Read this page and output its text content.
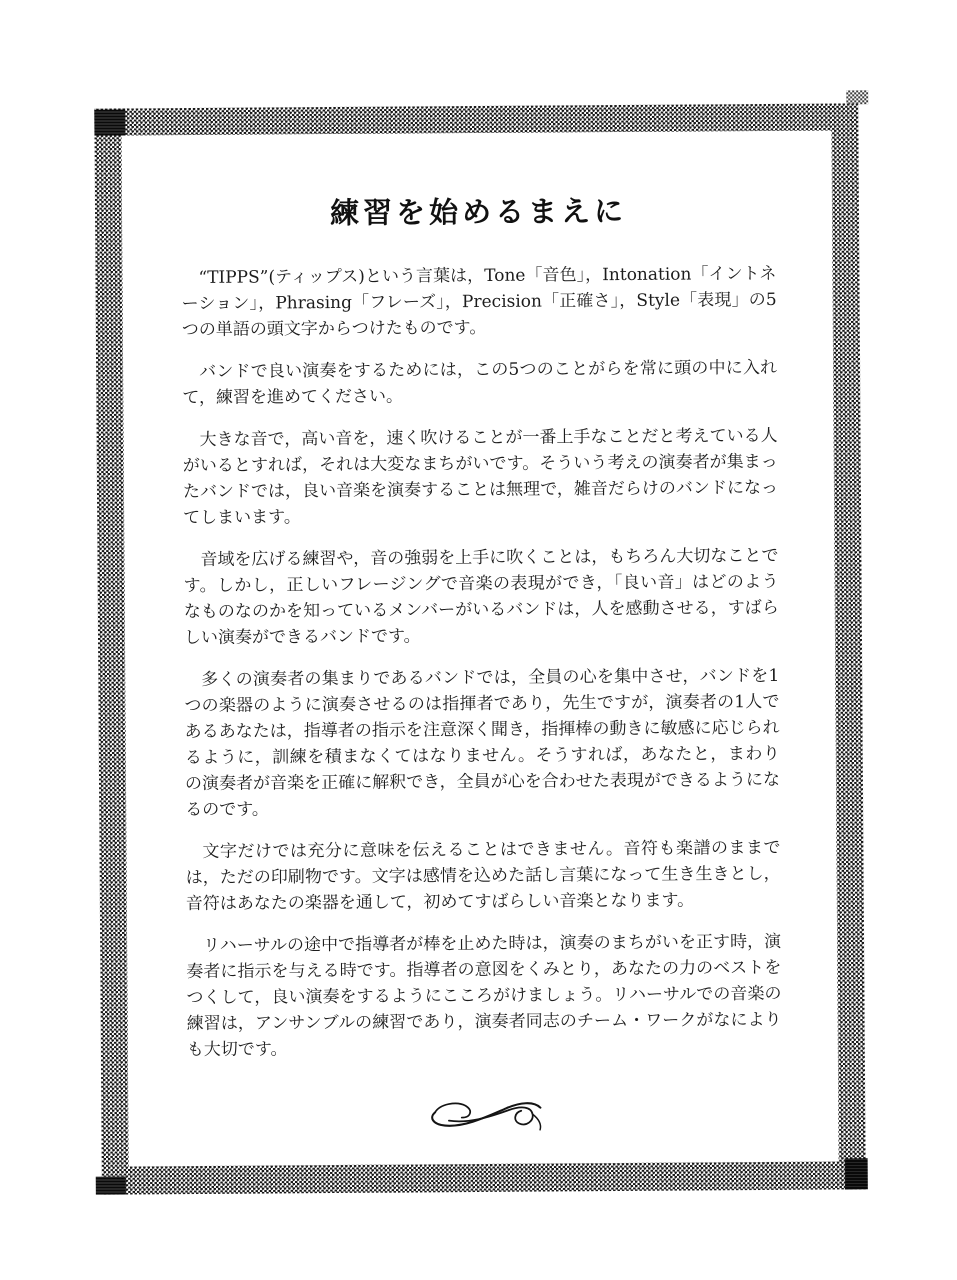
練習を始めるまえに

“TIPPS”(ティップス)という言葉は，Tone「音色」，Intonation「イントネーション」，Phrasing「フレーズ」，Precision「正確さ」，Style「表現」の5つの単語の頭文字からつけたものです。

バンドで良い演奏をするためには，この5つのことがらを常に頭の中に入れて，練習を進めてください。

大きな音で，高い音を，速く吹けることが一番上手なことだと考えている人がいるとすれば，それは大変なまちがいです。そういう考えの演奏者が集まったバンドでは，良い音楽を演奏することは無理で，雑音だらけのバンドになってしまいます。

音域を広げる練習や，音の強弱を上手に吹くことは，もちろん大切なことです。しかし，正しいフレージングで音楽の表現ができ，「良い音」はどのようなものなのかを知っているメンバーがいるバンドは，人を感動させる，すばらしい演奏ができるバンドです。

多くの演奏者の集まりであるバンドでは，全員の心を集中させ，バンドを1つの楽器のように演奏させるのは指揮者であり，先生ですが，演奏者の1人であるあなたは，指導者の指示を注意深く聞き，指揮棒の動きに敏感に応じられるように，訓練を積まなくてはなりません。そうすれば，あなたと，まわりの演奏者が音楽を正確に解釈でき，全員が心を合わせた表現ができるようになるのです。

文字だけでは充分に意味を伝えることはできません。音符も楽譜のままでは，ただの印刷物です。文字は感情を込めた話し言葉になって生き生きとし，音符はあなたの楽器を通して，初めてすばらしい音楽となります。

リハーサルの途中で指導者が棒を止めた時は，演奏のまちがいを正す時，演奏者に指示を与える時です。指導者の意図をくみとり，あなたの力のベストをつくして，良い演奏をするようにこころがけましょう。リハーサルでの音楽の練習は，アンサンブルの練習であり，演奏者同志のチーム・ワークがなによりも大切です。
